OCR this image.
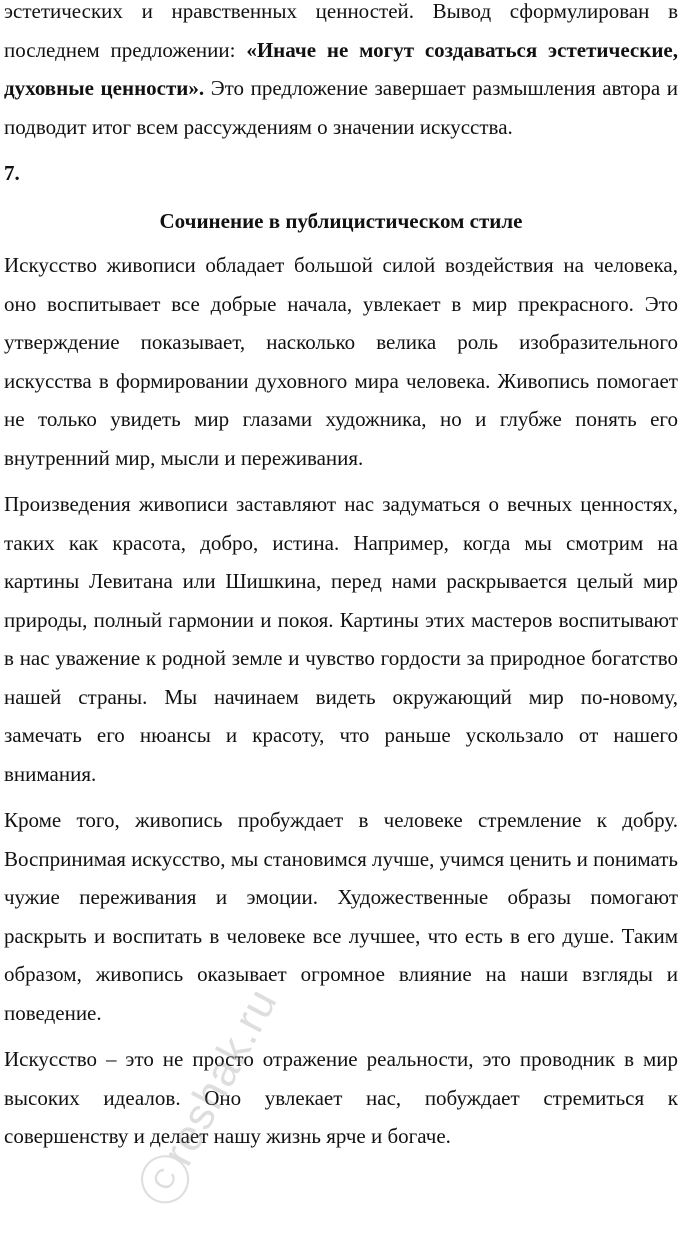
эстетических и нравственных ценностей. Вывод сформулирован в последнем предложении: «Иначе не могут создаваться эстетические, духовные ценности». Это предложение завершает размышления автора и подводит итог всем рассуждениям о значении искусства.

7.

Сочинение в публицистическом стиле

Искусство живописи обладает большой силой воздействия на человека, оно воспитывает все добрые начала, увлекает в мир прекрасного. Это утверждение показывает, насколько велика роль изобразительного искусства в формировании духовного мира человека. Живопись помогает не только увидеть мир глазами художника, но и глубже понять его внутренний мир, мысли и переживания.

Произведения живописи заставляют нас задуматься о вечных ценностях, таких как красота, добро, истина. Например, когда мы смотрим на картины Левитана или Шишкина, перед нами раскрывается целый мир природы, полный гармонии и покоя. Картины этих мастеров воспитывают в нас уважение к родной земле и чувство гордости за природное богатство нашей страны. Мы начинаем видеть окружающий мир по-новому, замечать его нюансы и красоту, что раньше ускользало от нашего внимания.

Кроме того, живопись пробуждает в человеке стремление к добру. Воспринимая искусство, мы становимся лучше, учимся ценить и понимать чужие переживания и эмоции. Художественные образы помогают раскрыть и воспитать в человеке все лучшее, что есть в его душе. Таким образом, живопись оказывает огромное влияние на наши взгляды и поведение.

Искусство – это не просто отражение реальности, это проводник в мир высоких идеалов. Оно увлекает нас, побуждает стремиться к совершенству и делает нашу жизнь ярче и богаче.

C
reshak.ru
